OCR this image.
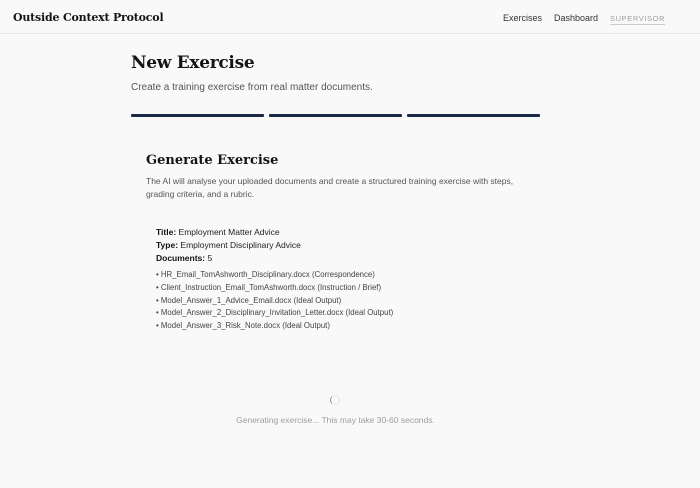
Outside Context Protocol	Exercises Dashboard SUPERVISOR
New Exercise

Create a training exercise from real matter documents.

Generate Exercise

The AI will analyse your uploaded documents and create a structured training exercise with steps, grading criteria, and a rubric.

Title: Employment Matter Advice
Type: Employment Disciplinary Advice
Documents: 5
• HR_Email_TomAshworth_Disciplinary.docx (Correspondence)
• Client_Instruction_Email_TomAshworth.docx (Instruction / Brief)
• Model_Answer_1_Advice_Email.docx (Ideal Output)
• Model_Answer_2_Disciplinary_Invitation_Letter.docx (Ideal Output)
• Model_Answer_3_Risk_Note.docx (Ideal Output)
Generating exercise... This may take 30-60 seconds.
